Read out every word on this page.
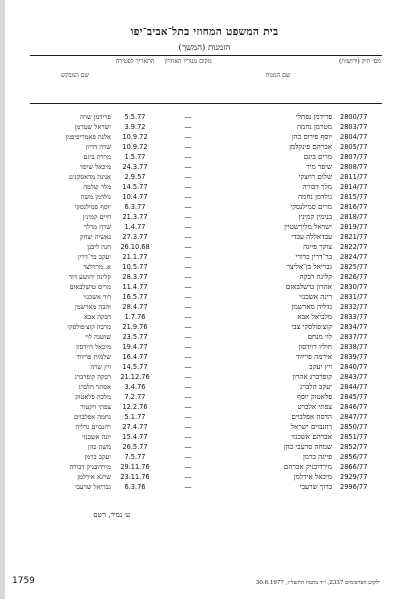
בית המשפט המחוזי בתל־אביב־יפו
הזמנות (המשך)
מס׳ תיק (ירושות)
שם המנוח
מקום מגוריו האחרון
התאריך לפטירה
שם המבקש
2800/77
פרידמן נפתלי
—
5.5.77
פרידמן שרה
2803/77
מטרמן נחמה
—
3.9.72
ישראל שטרמן
2804/77
יוסף פירוס כהן
—
10.9.72
אלנה פאמריפיפמן
2805/77
אברהם פינקלמן
—
10.9.72
שרה דדיון
2807/77
מרים ביגם
—
1.5.77
מרדת ביגם
2808/77
שיפר מיר
—
24.3.77
מיכאל שיפר
2811/77
שלום רוזצקי
—
2.9.57
אנינה מדאסקנינג
2814/77
מלר דבורה
—
14.5.77
מלר שלמה
2815/77
גולדמן נחמה
—
10.4.77
גולדמן משה
2816/77
מרים סמילנסקי
—
6.3.77
יוסף סמילנסקי
2818/77
בנימין קמינץ
—
21.3.77
חיים קמינץ
2819/77
ישראל מלירשטיין
—
1.4.77
שרה מדלר
2821/77
עבדאללה עבדי
—
27.3.77
נאשיה יצחק
2822/77
צוקר פייגה
—
26.10.68
חנה ליבנן
2824/77
בר־דרין כדורי
—
21.1.77
יעקב בר־דרין
2825/77
גבריאל בן־אליצר
—
10.5.77
א. מרדלצר
2826/77
קלינה רבקה
—
28.3.77
קלינה יהושע דוד
2830/77
אהרון טישלבאום
—
11.4.77
מרים טישלבאום
2831/77
רינה אשכנזי
—
16.5.77
דוד אשכנזי
2832/77
גדליה מארשמן
—
28.4.77
זהבה מארשמן
2833/77
מלכיאל אבא
—
1.7.76
רבקה אבא
2834/77
קוצ׳פולסקי צבי
—
21.9.76
מרבה קוצ׳פולסקי
2837/77
לוי מנחם
—
23.5.77
שושנה לוי
2838/77
חוליו דוידסון
—
19.4.77
מיכאל דוידסון
2839/77
אירמה פריווד
—
16.4.77
שלמית פריווד
2840/77
ויץ יעקב
—
14.5.77
ויץ שרה
2843/77
קופרברג אהרון
—
21.12.76
רבקה קופרברג
2844/77
יעקב הלברג
—
3.4.76
אסתר הלברג
2845/77
פלאטוק יוסף
—
7.2.77
מלכה פלאטוק
2846/77
צפתי אלברט
—
12.2.76
צפתי ויקטור
2847/77
הדסה אפלבוים
—
5.1.77
נחמה אפלבוים
2850/77
רוזנבוים ישראל
—
27.4.77
רוזנבוים גדליה
2851/77
אברהם אשכנזי
—
15.4.77
יונה אשכנזי
2852/77
שמחה סרעבי כהן
—
26.5.77
משה כהן
2856/77
פייגה ברמן
—
7.5.77
יעקב ברמן
2866/77
מירדובניק אברהם
—
29.11.76
מירדובניק דבורה
2929/77
מיכאל אירלמן
—
23.11.76
שרגא אירלמן
2996/77
ברוך שרעבי
—
6.3.76
גבריאל שרעבי
ע׳ נמיר, רשם
1759	ילקוט הפרסומים 2337, י״ד בתמוז התשל״ז, 30.6.1977
